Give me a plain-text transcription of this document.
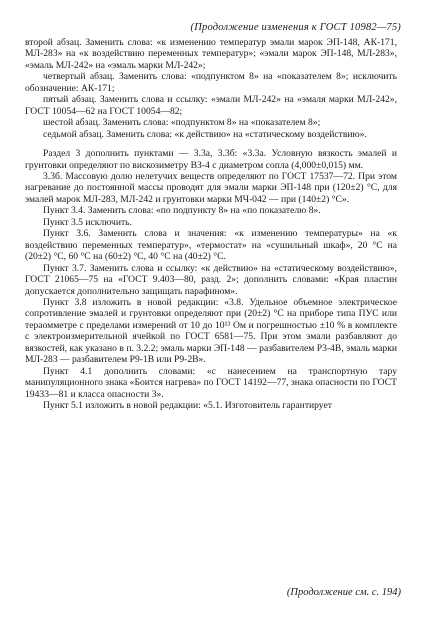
(Продолжение изменения к ГОСТ 10982—75)

второй абзац. Заменить слова: «к изменению температур эмали марок ЭП-148, АК-171, МЛ-283» на «к воздействию переменных температур»; «эмали марок ЭП-148, МЛ-283», «эмаль МЛ-242» на «эмаль марки МЛ-242»;

четвертый абзац. Заменить слова: «подпунктом 8» на «показателем 8»; исключить обозначение: АК-171;

пятый абзац. Заменить слова и ссылку: «эмали МЛ-242» на «эмаля марки МЛ-242», ГОСТ 10054—62 на ГОСТ 10054—82;

шестой абзац. Заменить слова: «подпунктом 8» на «показателем 8»;

седьмой абзац. Заменить слова: «к действию» на «статическому воздействию».

Раздел 3 дополнить пунктами — 3.3а, 3.3б: «3.3а. Условную вязкость эмалей и грунтовки определяют по вискозиметру ВЗ-4 с диаметром сопла (4,000±0,015) мм.

3.3б. Массовую долю нелетучих веществ определяют по ГОСТ 17537—72. При этом нагревание до постоянной массы проводят для эмали марки ЭП-148 при (120±2) °С, для эмалей марок МЛ-283, МЛ-242 и грунтовки марки МЧ-042 — при (140±2) °С».

Пункт 3.4. Заменить слова: «по подпункту 8» на «по показателю 8».

Пункт 3.5 исключить.

Пункт 3.6. Заменить слова и значения: «к изменению температуры» на «к воздействию переменных температур», «термостат» на «сушильный шкаф», 20 °С на (20±2) °С, 60 °С на (60±2) °С, 40 °С на (40±2) °С.

Пункт 3.7. Заменить слова и ссылку: «к действию» на «статическому воздействию», ГОСТ 21065—75 на «ГОСТ 9.403—80, разд. 2»; дополнить словами: «Края пластин допускается дополнительно защищать парафином».

Пункт 3.8 изложить в новой редакции: «3.8. Удельное объемное электрическое сопротивление эмалей и грунтовки определяют при (20±2) °С на приборе типа ПУС или тераомметре с пределами измерений от 10 до 10¹³ Ом и погрешностью ±10 % в комплекте с электроизмерительной ячейкой по ГОСТ 6581—75. При этом эмали разбавляют до вязкостей, как указано в п. 3.2.2; эмаль марки ЭП-148 — разбавителем Р3-4В, эмаль марки МЛ-283 — разбавителем Р9-1В или Р9-2В».

Пункт 4.1 дополнить словами: «с нанесением на транспортную тару манипуляционного знака «Боится нагрева» по ГОСТ 14192—77, знака опасности по ГОСТ 19433—81 и класса опасности 3».

Пункт 5.1 изложить в новой редакции: «5.1. Изготовитель гарантирует

(Продолжение см. с. 194)
